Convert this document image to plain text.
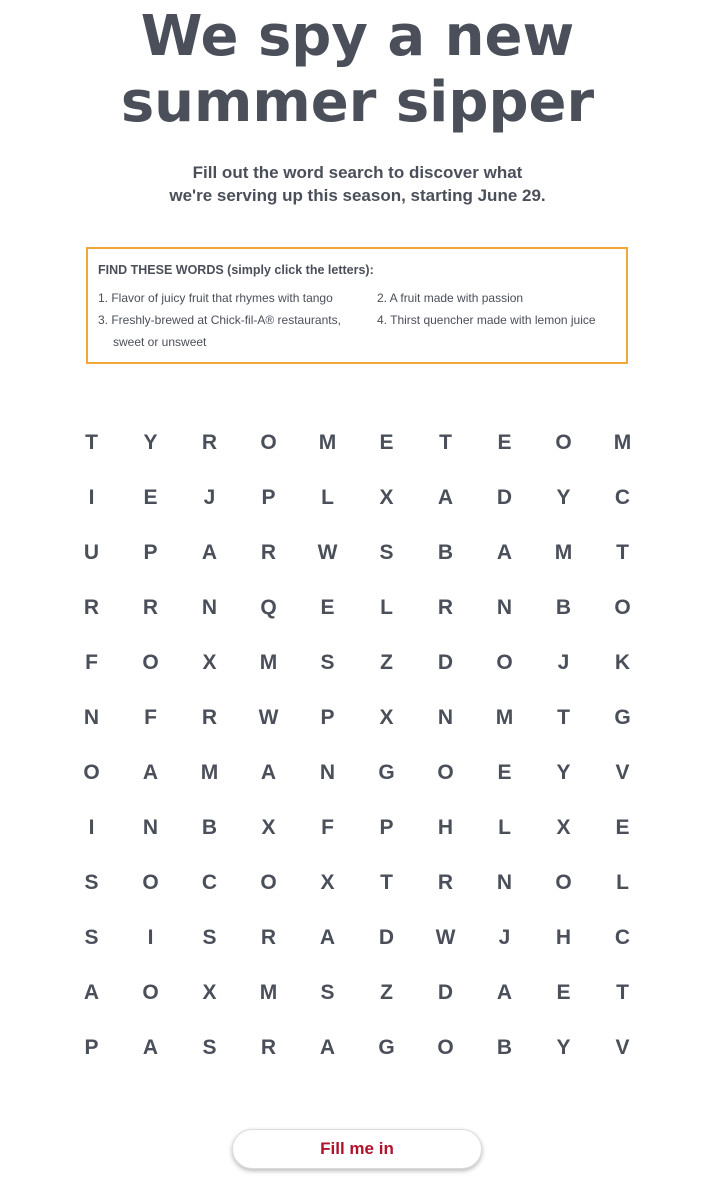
We spy a new
summer sipper

Fill out the word search to discover what
we're serving up this season, starting June 29.

FIND THESE WORDS (simply click the letters):
1. Flavor of juicy fruit that rhymes with tango	2. A fruit made with passion
3. Freshly-brewed at Chick-fil-A® restaurants,
sweet or unsweet
4. Thirst quencher made with lemon juice
T	Y	R	O	M	E	T	E	O	M
I	E	J	P	L	X	A	D	Y	C
U	P	A	R	W	S	B	A	M	T
R	R	N	Q	E	L	R	N	B	O
F	O	X	M	S	Z	D	O	J	K
N	F	R	W	P	X	N	M	T	G
O	A	M	A	N	G	O	E	Y	V
I	N	B	X	F	P	H	L	X	E
S	O	C	O	X	T	R	N	O	L
S	I	S	R	A	D	W	J	H	C
A	O	X	M	S	Z	D	A	E	T
P	A	S	R	A	G	O	B	Y	V
Fill me in
